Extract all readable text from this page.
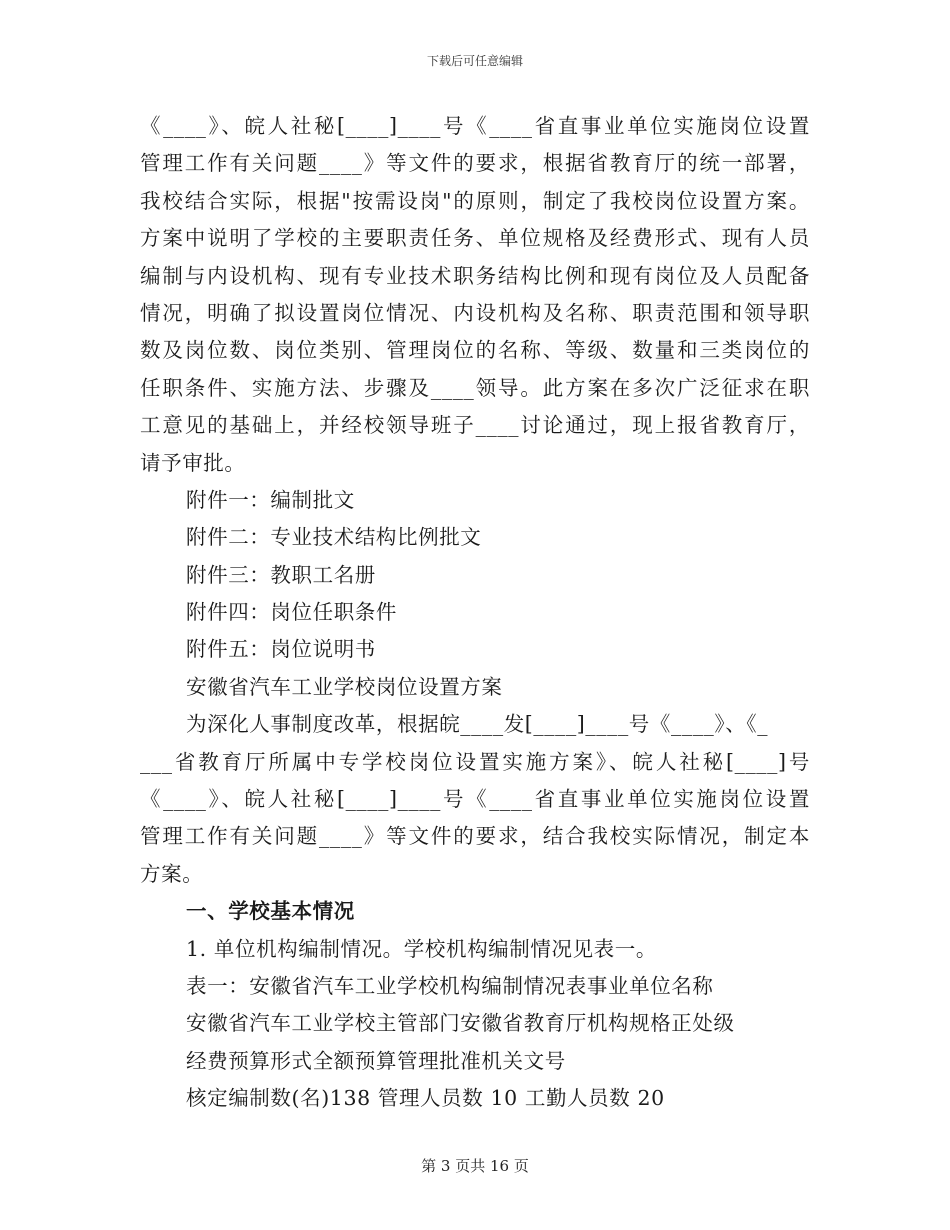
下载后可任意编辑
《____》、皖人社秘[____]____号《____省直事业单位实施岗位设置
管理工作有关问题____》等文件的要求，根据省教育厅的统一部署，
我校结合实际，根据"按需设岗"的原则，制定了我校岗位设置方案。
方案中说明了学校的主要职责任务、单位规格及经费形式、现有人员
编制与内设机构、现有专业技术职务结构比例和现有岗位及人员配备
情况，明确了拟设置岗位情况、内设机构及名称、职责范围和领导职
数及岗位数、岗位类别、管理岗位的名称、等级、数量和三类岗位的
任职条件、实施方法、步骤及____领导。此方案在多次广泛征求在职
工意见的基础上，并经校领导班子____讨论通过，现上报省教育厅，
请予审批。
附件一：编制批文
附件二：专业技术结构比例批文
附件三：教职工名册
附件四：岗位任职条件
附件五：岗位说明书
安徽省汽车工业学校岗位设置方案
为深化人事制度改革，根据皖____发[____]____号《____》、《_
___省教育厅所属中专学校岗位设置实施方案》、皖人社秘[____]号
《____》、皖人社秘[____]____号《____省直事业单位实施岗位设置
管理工作有关问题____》等文件的要求，结合我校实际情况，制定本
方案。
一、学校基本情况
1. 单位机构编制情况。学校机构编制情况见表一。
表一：安徽省汽车工业学校机构编制情况表事业单位名称
安徽省汽车工业学校主管部门安徽省教育厅机构规格正处级
经费预算形式全额预算管理批准机关文号
核定编制数(名)138 管理人员数 10 工勤人员数 20
第 3 页共 16 页
